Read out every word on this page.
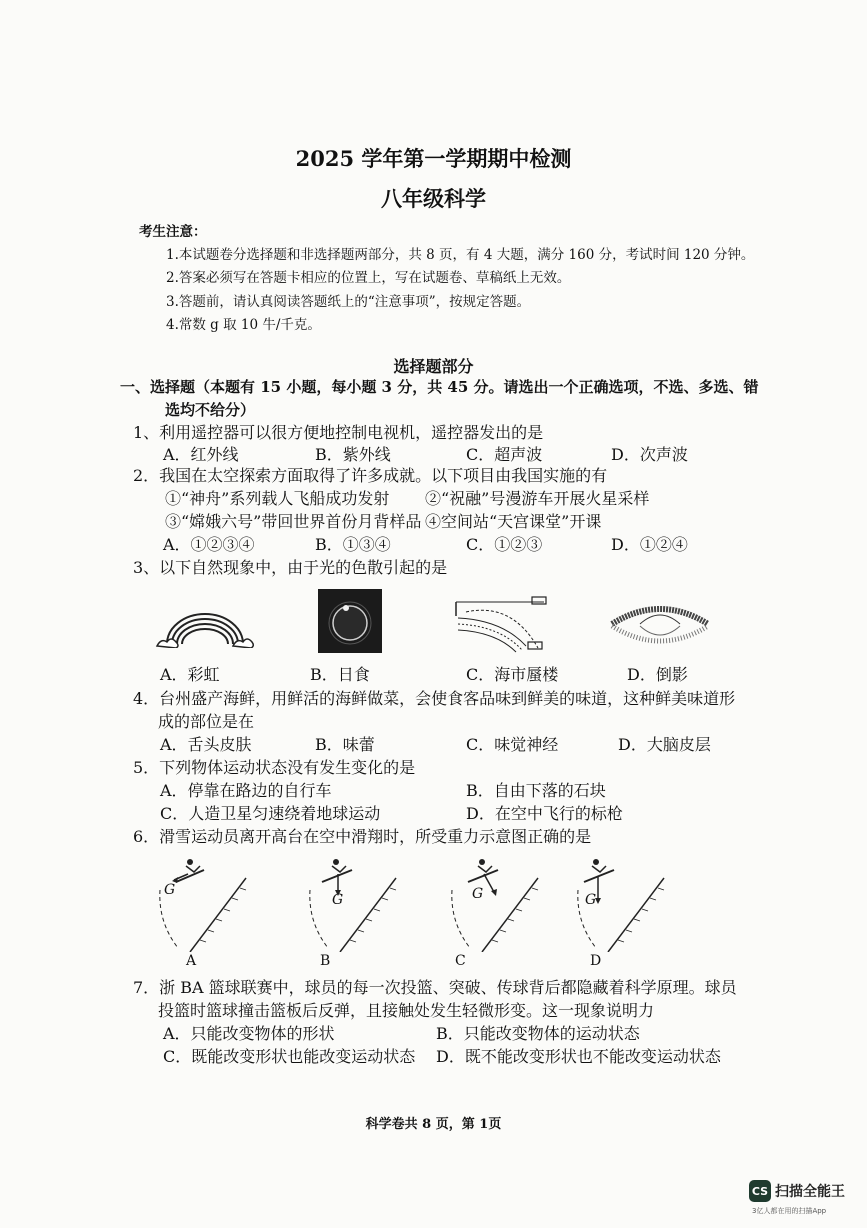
2025 学年第一学期期中检测
八年级科学
考生注意：
1.本试题卷分选择题和非选择题两部分，共 8 页，有 4 大题，满分 160 分，考试时间 120 分钟。
2.答案必须写在答题卡相应的位置上，写在试题卷、草稿纸上无效。
3.答题前，请认真阅读答题纸上的“注意事项”，按规定答题。
4.常数 g 取 10 牛/千克。
选择题部分
一、选择题（本题有 15 小题，每小题 3 分，共 45 分。请选出一个正确选项，不选、多选、错
选均不给分）
1、利用遥控器可以很方便地控制电视机，遥控器发出的是
A．红外线	B．紫外线	C．超声波	D．次声波
2．我国在太空探索方面取得了许多成就。以下项目由我国实施的有
①“神舟”系列载人飞船成功发射 ②“祝融”号漫游车开展火星采样
③“嫦娥六号”带回世界首份月背样品 ④空间站“天宫课堂”开课
A．①②③④	B．①③④	C．①②③	D．①②④
3、以下自然现象中，由于光的色散引起的是
A．彩虹	B．日食	C．海市蜃楼	D．倒影
4．台州盛产海鲜，用鲜活的海鲜做菜，会使食客品味到鲜美的味道，这种鲜美味道形
成的部位是在
A．舌头皮肤	B．味蕾	C．味觉神经	D．大脑皮层
5．下列物体运动状态没有发生变化的是
A．停靠在路边的自行车	B．自由下落的石块
C．人造卫星匀速绕着地球运动	D．在空中飞行的标枪
6．滑雪运动员离开高台在空中滑翔时，所受重力示意图正确的是
G
G	G	G
A	B	C	D
7．浙 BA 篮球联赛中，球员的每一次投篮、突破、传球背后都隐藏着科学原理。球员
投篮时篮球撞击篮板后反弹，且接触处发生轻微形变。这一现象说明力
A．只能改变物体的形状	B．只能改变物体的运动状态
C．既能改变形状也能改变运动状态 D．既不能改变形状也不能改变运动状态
科学卷共 8 页，第 1页
CS 扫描全能王
3亿人都在用的扫描App
